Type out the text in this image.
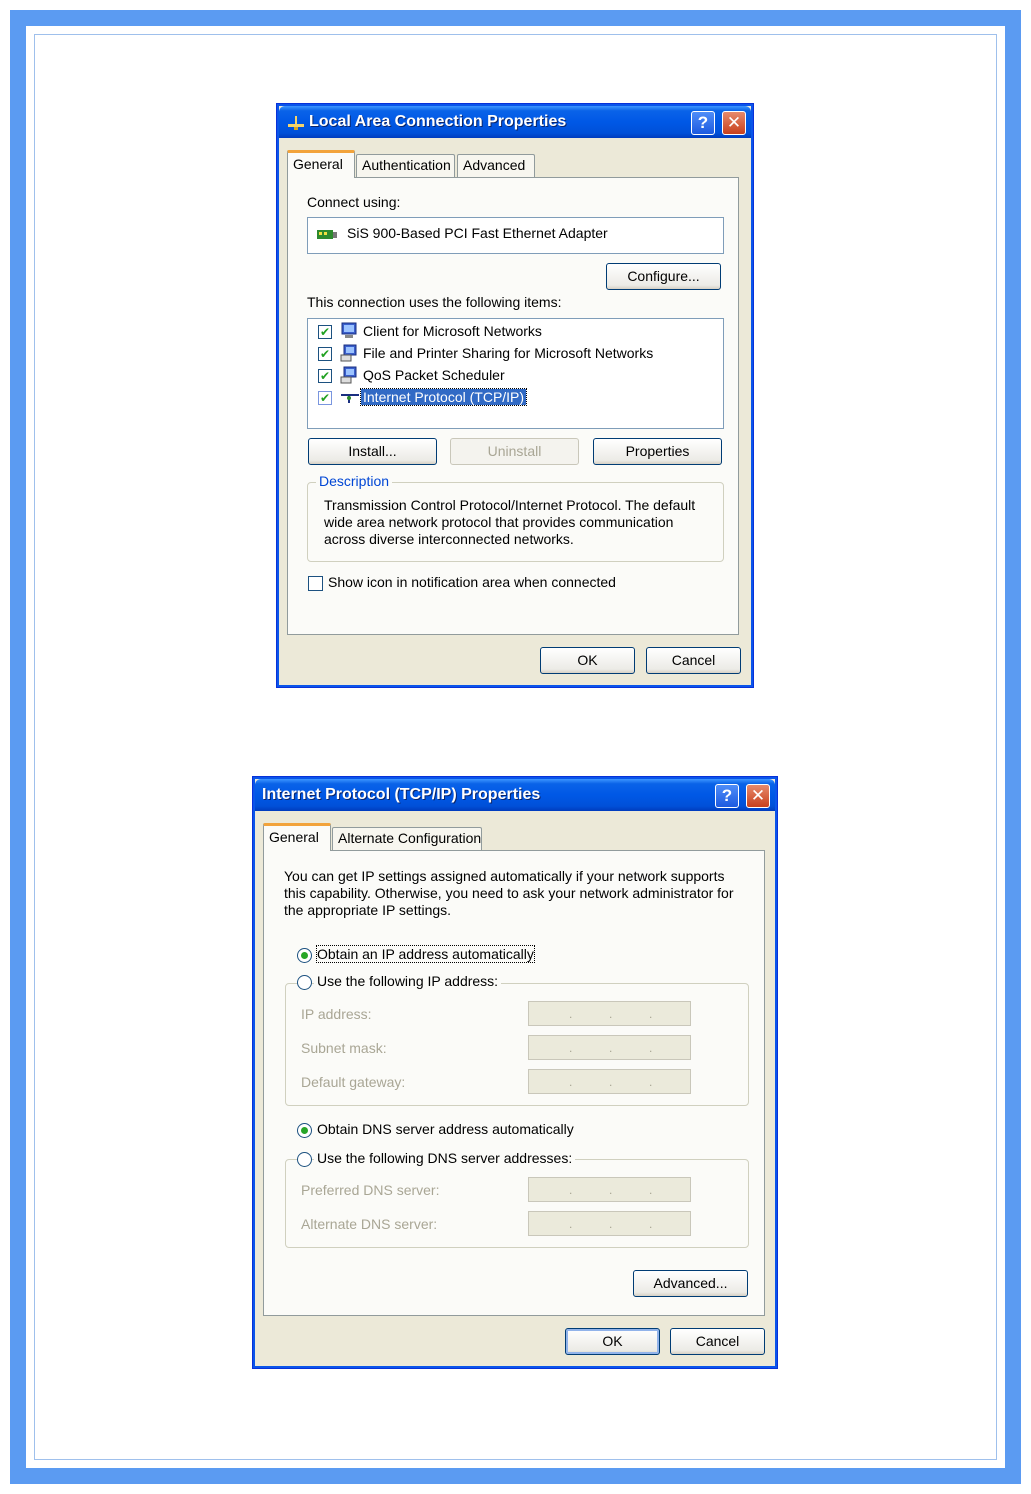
Local Area Connection Properties	?	✕
General	Authentication Advanced
Connect using:
SiS 900-Based PCI Fast Ethernet Adapter
Configure...
This connection uses the following items:
✔
Client for Microsoft Networks
✔
File and Printer Sharing for Microsoft Networks
✔
QoS Packet Scheduler
✔
Internet Protocol (TCP/IP)
Install...	Uninstall	Properties
Description
Transmission Control Protocol/Internet Protocol. The default
wide area network protocol that provides communication
across diverse interconnected networks.
Show icon in notification area when connected
OK	Cancel
Internet Protocol (TCP/IP) Properties	?	✕
General	Alternate Configuration
You can get IP settings assigned automatically if your network supports
this capability. Otherwise, you need to ask your network administrator for
the appropriate IP settings.
Obtain an IP address automatically
Use the following IP address:
IP address:	.	.	.
Subnet mask:	.	.	.
Default gateway:	.	.	.
Obtain DNS server address automatically
Use the following DNS server addresses:
Preferred DNS server:	.	.	.
Alternate DNS server:	.	.	.
Advanced...
OK	Cancel
